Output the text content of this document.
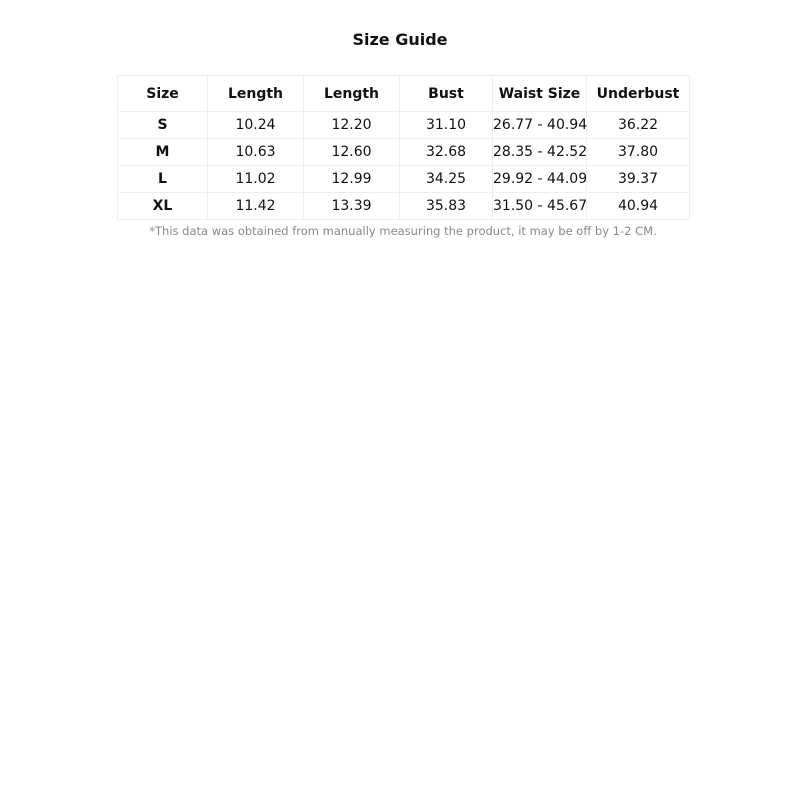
Size Guide
Size	Length	Length	Bust	Waist Size	Underbust
S	10.24	12.20	31.10	26.77 - 40.94	36.22
M	10.63	12.60	32.68	28.35 - 42.52	37.80
L	11.02	12.99	34.25	29.92 - 44.09	39.37
XL	11.42	13.39	35.83	31.50 - 45.67	40.94

*This data was obtained from manually measuring the product, it may be off by 1-2 CM.
